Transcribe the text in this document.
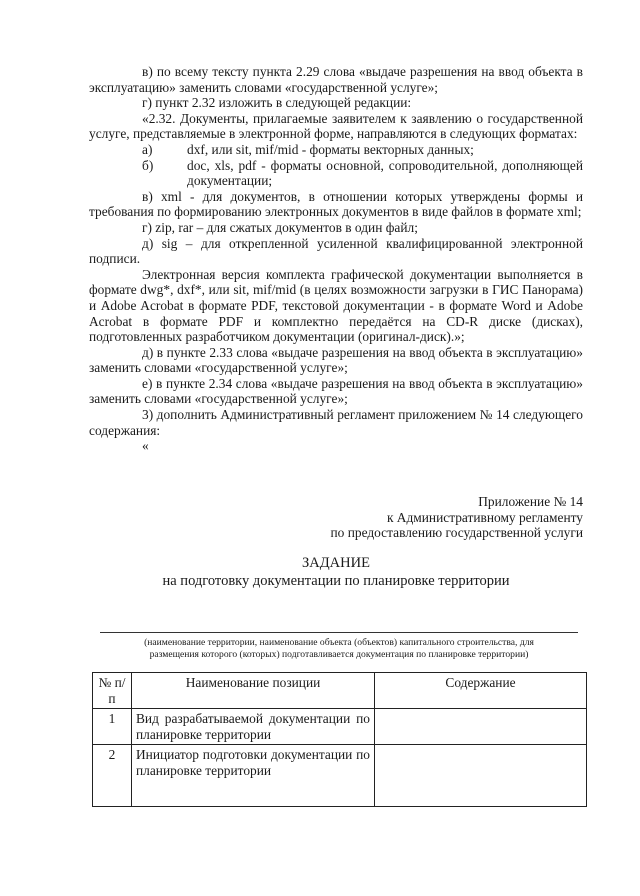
в) по всему тексту пункта 2.29 слова «выдаче разрешения на ввод объекта в эксплуатацию» заменить словами «государственной услуге»;

г) пункт 2.32 изложить в следующей редакции:

«2.32. Документы, прилагаемые заявителем к заявлению о государственной услуге, представляемые в электронной форме, направляются в следующих форматах:

а)	dxf, или sit, mif/mid - форматы векторных данных;
б)	doc, xls, pdf - форматы основной, сопроводительной, дополняющей документации;

в) xml - для документов, в отношении которых утверждены формы и требования по формированию электронных документов в виде файлов в формате xml;

г) zip, rar – для сжатых документов в один файл;

д) sig – для открепленной усиленной квалифицированной электронной подписи.

Электронная версия комплекта графической документации выполняется в формате dwg*, dxf*, или sit, mif/mid (в целях возможности загрузки в ГИС Панорама) и Adobe Acrobat в формате PDF, текстовой документации - в формате Word и Adobe Acrobat в формате PDF и комплектно передаётся на CD-R диске (дисках), подготовленных разработчиком документации (оригинал-диск).»;

д) в пункте 2.33 слова «выдаче разрешения на ввод объекта в эксплуатацию» заменить словами «государственной услуге»;

е) в пункте 2.34 слова «выдаче разрешения на ввод объекта в эксплуатацию» заменить словами «государственной услуге»;

3) дополнить Административный регламент приложением № 14 следующего содержания:

«

Приложение № 14

к Административному регламенту

по предоставлению государственной услуги

ЗАДАНИЕ

на подготовку документации по планировке территории

(наименование территории, наименование объекта (объектов) капитального строительства, для

размещения которого (которых) подготавливается документация по планировке территории)

№ п/п	Наименование позиции	Содержание
1	Вид разрабатываемой документации по планировке территории	

2	Инициатор подготовки документации по планировке территории	
